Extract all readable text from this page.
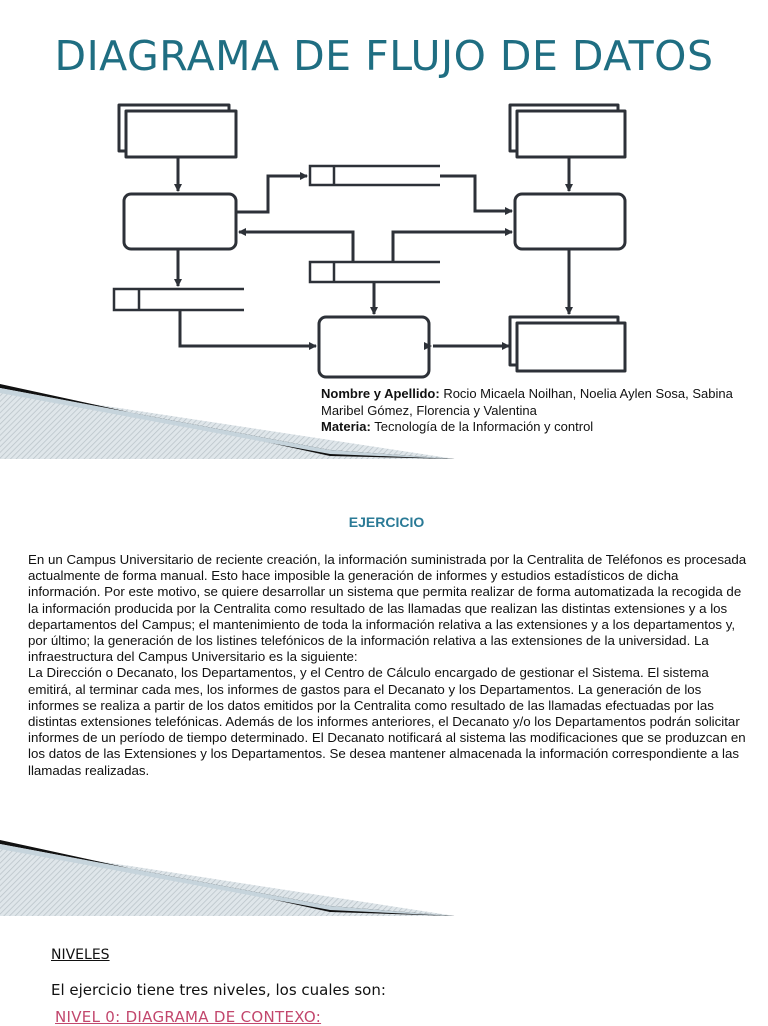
DIAGRAMA DE FLUJO DE DATOS
Nombre y Apellido: Rocio Micaela Noilhan, Noelia Aylen Sosa, Sabina Maribel Gómez, Florencia y Valentina
Materia: Tecnología de la Información y control
EJERCICIO

En un Campus Universitario de reciente creación, la información suministrada por la Centralita de Teléfonos es procesada actualmente de forma manual. Esto hace imposible la generación de informes y estudios estadísticos de dicha información. Por este motivo, se quiere desarrollar un sistema que permita realizar de forma automatizada la recogida de la información producida por la Centralita como resultado de las llamadas que realizan las distintas extensiones y a los departamentos del Campus; el mantenimiento de toda la información relativa a las extensiones y a los departamentos y, por último; la generación de los listines telefónicos de la información relativa a las extensiones de la universidad. La infraestructura del Campus Universitario es la siguiente:

La Dirección o Decanato, los Departamentos, y el Centro de Cálculo encargado de gestionar el Sistema. El sistema emitirá, al terminar cada mes, los informes de gastos para el Decanato y los Departamentos. La generación de los informes se realiza a partir de los datos emitidos por la Centralita como resultado de las llamadas efectuadas por las distintas extensiones telefónicas. Además de los informes anteriores, el Decanato y/o los Departamentos podrán solicitar informes de un período de tiempo determinado. El Decanato notificará al sistema las modificaciones que se produzcan en los datos de las Extensiones y los Departamentos. Se desea mantener almacenada la información correspondiente a las llamadas realizadas.

NIVELES
El ejercicio tiene tres niveles, los cuales son:
NIVEL 0: DIAGRAMA DE CONTEXO:
